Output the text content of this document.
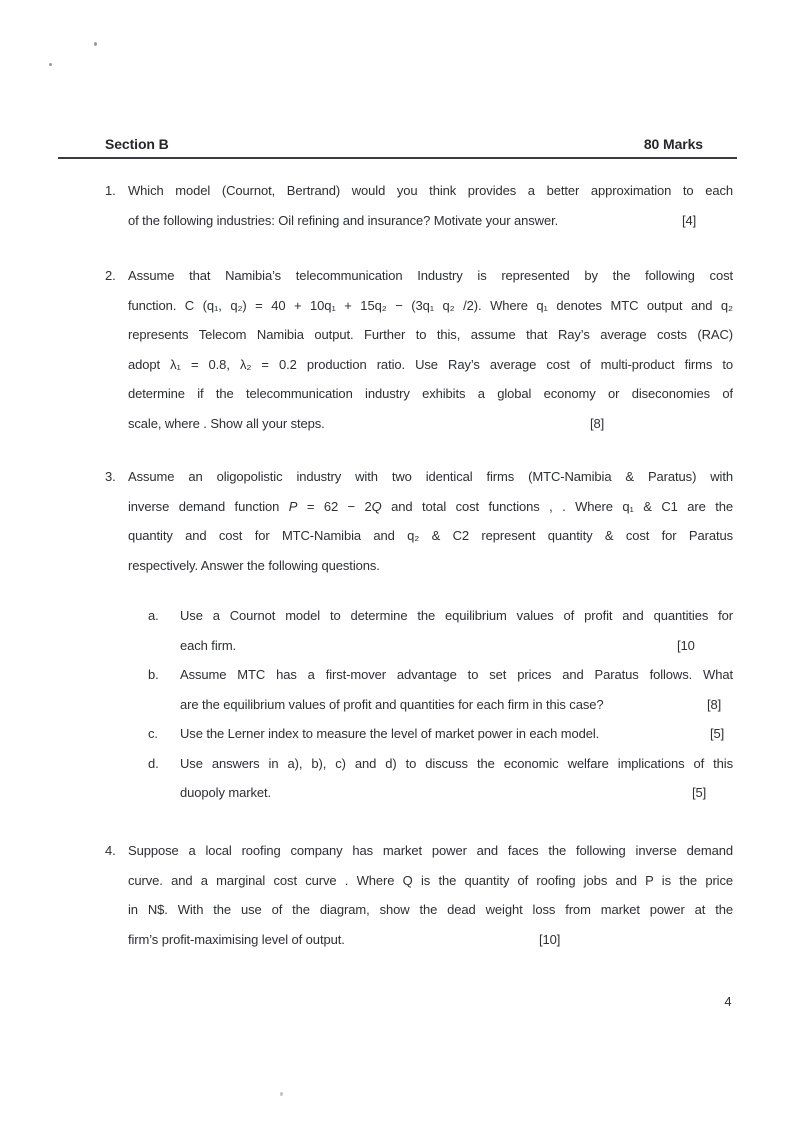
Section B	80 Marks
1. Which model (Cournot, Bertrand) would you think provides a better approximation to each
of the following industries: Oil refining and insurance? Motivate your answer.	[4]
2. Assume that Namibia’s telecommunication Industry is represented by the following cost
function. C (q₁, q₂) = 40 + 10q₁ + 15q₂ − (3q₁ q₂ /2). Where q₁ denotes MTC output and q₂
represents Telecom Namibia output. Further to this, assume that Ray’s average costs (RAC)
adopt λ₁ = 0.8, λ₂ = 0.2 production ratio. Use Ray’s average cost of multi-product firms to
determine if the telecommunication industry exhibits a global economy or diseconomies of
scale, where . Show all your steps.	[8]
3. Assume an oligopolistic industry with two identical firms (MTC-Namibia & Paratus) with
inverse demand function P = 62 − 2Q and total cost functions , . Where q₁ & C1 are the
quantity and cost for MTC-Namibia and q₂ & C2 represent quantity & cost for Paratus
respectively. Answer the following questions.
a. Use a Cournot model to determine the equilibrium values of profit and quantities for
each firm.	[10
b. Assume MTC has a first-mover advantage to set prices and Paratus follows. What
are the equilibrium values of profit and quantities for each firm in this case?	[8]
c. Use the Lerner index to measure the level of market power in each model.	[5]
d. Use answers in a), b), c) and d) to discuss the economic welfare implications of this
duopoly market.	[5]
4. Suppose a local roofing company has market power and faces the following inverse demand
curve. and a marginal cost curve . Where Q is the quantity of roofing jobs and P is the price
in N$. With the use of the diagram, show the dead weight loss from market power at the
firm’s profit-maximising level of output.	[10]
4
